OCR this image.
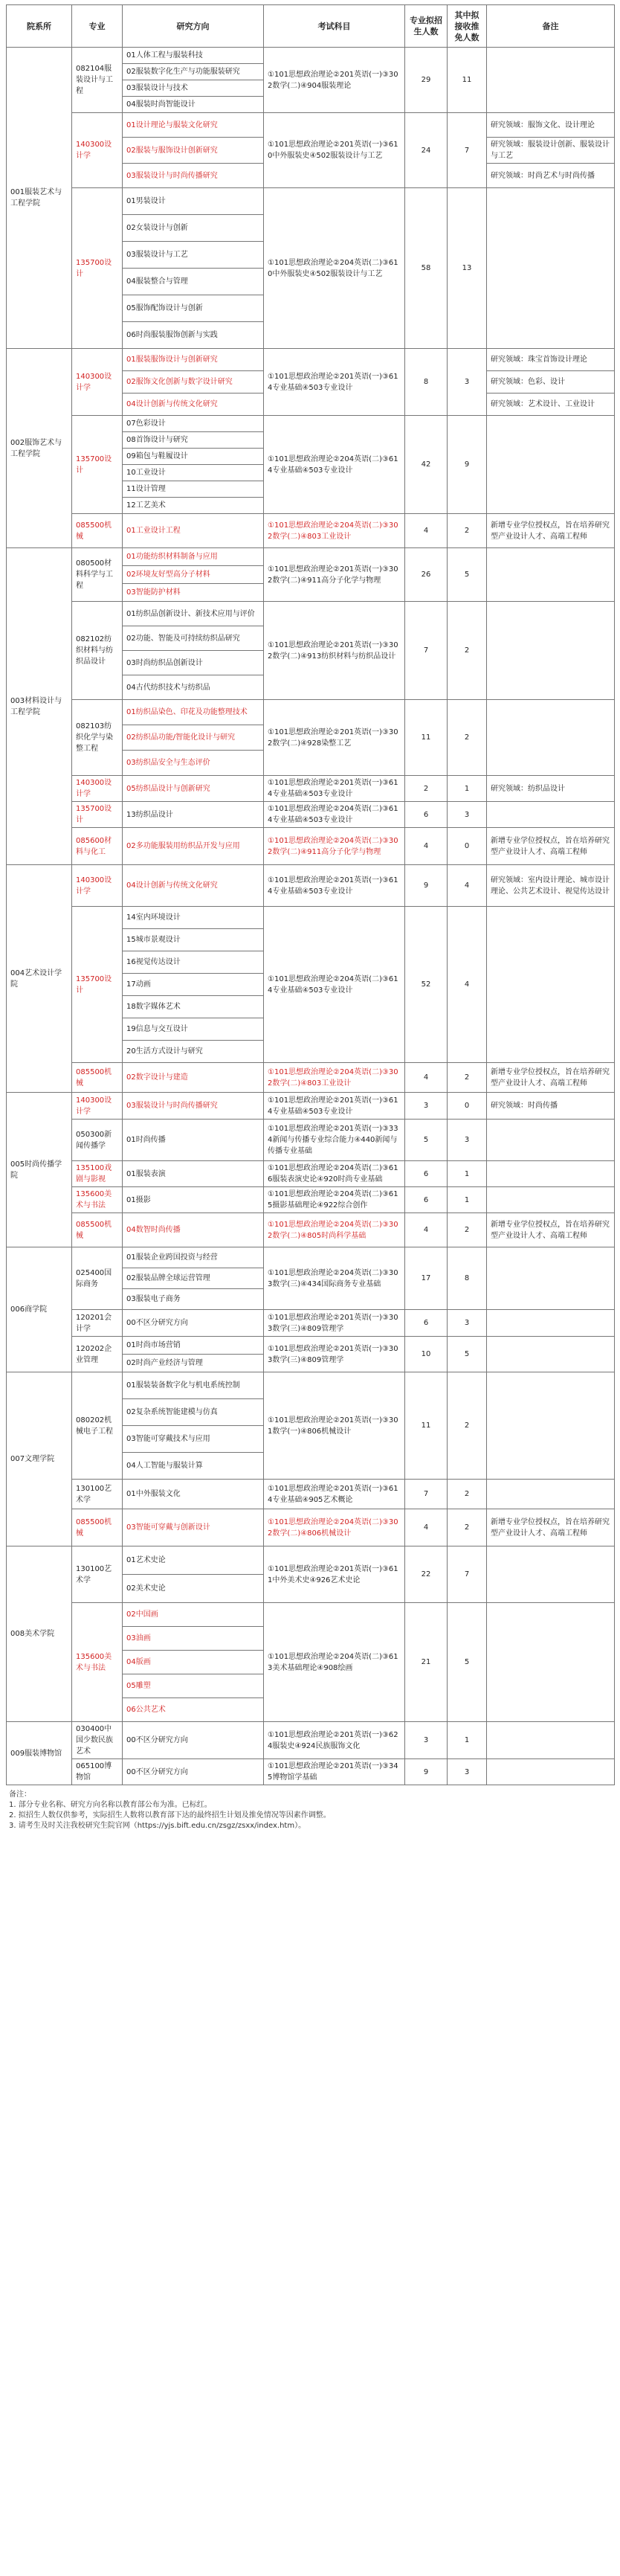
院系所	专业	研究方向	考试科目	专业拟招生人数	其中拟接收推免人数	备注
001服装艺术与工程学院	082104服装设计与工程	01人体工程与服装科技	①101思想政治理论②201英语(一)③302数学(二)④904服装理论	29	11	
		02服装数字化生产与功能服装研究				
		03服装设计与技术				
		04服装时尚智能设计				
	140300设计学	01设计理论与服装文化研究	①101思想政治理论②201英语(一)③610中外服装史④502服装设计与工艺	24	7	研究领域：服饰文化、设计理论
		02服装与服饰设计创新研究				研究领域：服装设计创新、服装设计与工艺
		03服装设计与时尚传播研究				研究领域：时尚艺术与时尚传播
	135700设计	01男装设计	①101思想政治理论②204英语(二)③610中外服装史④502服装设计与工艺	58	13	
		02女装设计与创新				
		03服装设计与工艺				
		04服装整合与管理				
		05服饰配饰设计与创新				
		06时尚服装服饰创新与实践				
002服饰艺术与工程学院	140300设计学	01服装服饰设计与创新研究	①101思想政治理论②201英语(一)③614专业基础④503专业设计	8	3	研究领域：珠宝首饰设计理论
		02服饰文化创新与数字设计研究				研究领域：色彩、设计
		04设计创新与传统文化研究				研究领域：艺术设计、工业设计
	135700设计	07色彩设计	①101思想政治理论②204英语(二)③614专业基础④503专业设计	42	9	
		08首饰设计与研究				
		09箱包与鞋履设计				
		10工业设计				
		11设计管理				
		12工艺美术				
	085500机械	01工业设计工程	①101思想政治理论②204英语(二)③302数学(二)④803工业设计	4	2	新增专业学位授权点，旨在培养研究型产业设计人才、高端工程师
003材料设计与工程学院	080500材料科学与工程	01功能纺织材料制备与应用	①101思想政治理论②201英语(一)③302数学(二)④911高分子化学与物理	26	5	
		02环境友好型高分子材料				
		03智能防护材料				
	082102纺织材料与纺织品设计	01纺织品创新设计、新技术应用与评价	①101思想政治理论②201英语(一)③302数学(二)④913纺织材料与纺织品设计	7	2	
		02功能、智能及可持续纺织品研究				
		03时尚纺织品创新设计				
		04古代纺织技术与纺织品				
	082103纺织化学与染整工程	01纺织品染色、印花及功能整理技术	①101思想政治理论②201英语(一)③302数学(二)④928染整工艺	11	2	
		02纺织品功能/智能化设计与研究				
		03纺织品安全与生态评价				
	140300设计学	05纺织品设计与创新研究	①101思想政治理论②201英语(一)③614专业基础④503专业设计	2	1	研究领域：纺织品设计
	135700设计	13纺织品设计	①101思想政治理论②204英语(二)③614专业基础④503专业设计	6	3	
	085600材料与化工	02多功能服装用纺织品开发与应用	①101思想政治理论②204英语(二)③302数学(二)④911高分子化学与物理	4	0	新增专业学位授权点，旨在培养研究型产业设计人才、高端工程师
004艺术设计学院	140300设计学	04设计创新与传统文化研究	①101思想政治理论②201英语(一)③614专业基础④503专业设计	9	4	研究领域：室内设计理论、城市设计理论、公共艺术设计、视觉传达设计
	135700设计	14室内环境设计	①101思想政治理论②204英语(二)③614专业基础④503专业设计	52	4	
		15城市景观设计				
		16视觉传达设计				
		17动画				
		18数字媒体艺术				
		19信息与交互设计				
		20生活方式设计与研究				
	085500机械	02数字设计与建造	①101思想政治理论②204英语(二)③302数学(二)④803工业设计	4	2	新增专业学位授权点，旨在培养研究型产业设计人才、高端工程师
005时尚传播学院	140300设计学	03服装设计与时尚传播研究	①101思想政治理论②201英语(一)③614专业基础④503专业设计	3	0	研究领域：时尚传播
	050300新闻传播学	01时尚传播	①101思想政治理论②201英语(一)③334新闻与传播专业综合能力④440新闻与传播专业基础	5	3	
	135100戏剧与影视	01服装表演	①101思想政治理论②204英语(二)③616服装表演史论④920时尚专业基础	6	1	
	135600美术与书法	01摄影	①101思想政治理论②204英语(二)③615摄影基础理论④922综合创作	6	1	
	085500机械	04数智时尚传播	①101思想政治理论②204英语(二)③302数学(二)④805时尚科学基础	4	2	新增专业学位授权点，旨在培养研究型产业设计人才、高端工程师
006商学院	025400国际商务	01服装企业跨国投资与经营	①101思想政治理论②204英语(二)③303数学(三)④434国际商务专业基础	17	8	
		02服装品牌全球运营管理				
		03服装电子商务				
	120201会计学	00不区分研究方向	①101思想政治理论②201英语(一)③303数学(三)④809管理学	6	3	
	120202企业管理	01时尚市场营销	①101思想政治理论②201英语(一)③303数学(三)④809管理学	10	5	
		02时尚产业经济与管理				
007文理学院	080202机械电子工程	01服装装备数字化与机电系统控制	①101思想政治理论②201英语(一)③301数学(一)④806机械设计	11	2	
		02复杂系统智能建模与仿真				
		03智能可穿戴技术与应用				
		04人工智能与服装计算				
	130100艺术学	01中外服装文化	①101思想政治理论②201英语(一)③614专业基础④905艺术概论	7	2	
	085500机械	03智能可穿戴与创新设计	①101思想政治理论②204英语(二)③302数学(二)④806机械设计	4	2	新增专业学位授权点，旨在培养研究型产业设计人才、高端工程师
008美术学院	130100艺术学	01艺术史论	①101思想政治理论②201英语(一)③611中外美术史④926艺术史论	22	7	
		02美术史论				
	135600美术与书法	02中国画	①101思想政治理论②204英语(二)③613美术基础理论④908绘画	21	5	
		03油画				
		04版画				
		05雕塑				
		06公共艺术				
009服装博物馆	030400中国少数民族艺术	00不区分研究方向	①101思想政治理论②201英语(一)③624服装史④924民族服饰文化	3	1	
	065100博物馆	00不区分研究方向	①101思想政治理论②201英语(一)③345博物馆学基础	9	3	
备注：
1. 部分专业名称、研究方向名称以教育部公布为准。已标红。
2. 拟招生人数仅供参考，实际招生人数将以教育部下达的最终招生计划及推免情况等因素作调整。
3. 请考生及时关注我校研究生院官网（https://yjs.bift.edu.cn/zsgz/zsxx/index.htm）。
